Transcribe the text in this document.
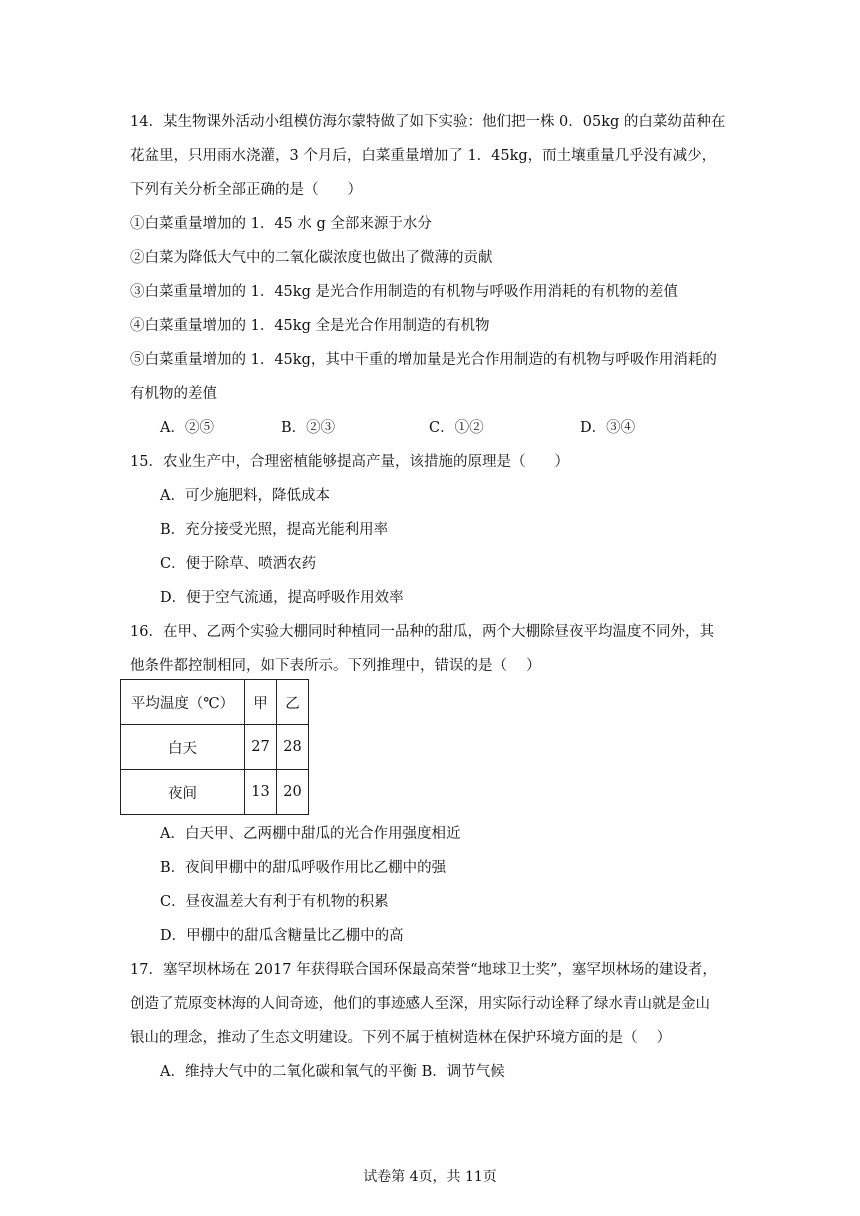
14．某生物课外活动小组模仿海尔蒙特做了如下实验：他们把一株 0．05kg 的白菜幼苗种在
花盆里，只用雨水浇灌，3 个月后，白菜重量增加了 1．45kg，而土壤重量几乎没有减少，
下列有关分析全部正确的是（　　）
①白菜重量增加的 1．45 水 g 全部来源于水分
②白菜为降低大气中的二氧化碳浓度也做出了微薄的贡献
③白菜重量增加的 1．45kg 是光合作用制造的有机物与呼吸作用消耗的有机物的差值
④白菜重量增加的 1．45kg 全是光合作用制造的有机物
⑤白菜重量增加的 1．45kg，其中干重的增加量是光合作用制造的有机物与呼吸作用消耗的
有机物的差值
A．②⑤	B．②③	C．①②	D．③④
15．农业生产中，合理密植能够提高产量，该措施的原理是（　　）
A．可少施肥料，降低成本
B．充分接受光照，提高光能利用率
C．便于除草、喷洒农药
D．便于空气流通，提高呼吸作用效率
16．在甲、乙两个实验大棚同时种植同一品种的甜瓜，两个大棚除昼夜平均温度不同外，其
他条件都控制相同，如下表所示。下列推理中，错误的是（　 ）
平均温度（℃）	甲	乙
白天	27	28
夜间	13	20
A．白天甲、乙两棚中甜瓜的光合作用强度相近
B．夜间甲棚中的甜瓜呼吸作用比乙棚中的强
C．昼夜温差大有利于有机物的积累
D．甲棚中的甜瓜含糖量比乙棚中的高
17．塞罕坝林场在 2017 年获得联合国环保最高荣誉“地球卫士奖”，塞罕坝林场的建设者，
创造了荒原变林海的人间奇迹，他们的事迹感人至深，用实际行动诠释了绿水青山就是金山
银山的理念，推动了生态文明建设。下列不属于植树造林在保护环境方面的是（　 ）
A．维持大气中的二氧化碳和氧气的平衡 B．调节气候
试卷第 4页，共 11页
